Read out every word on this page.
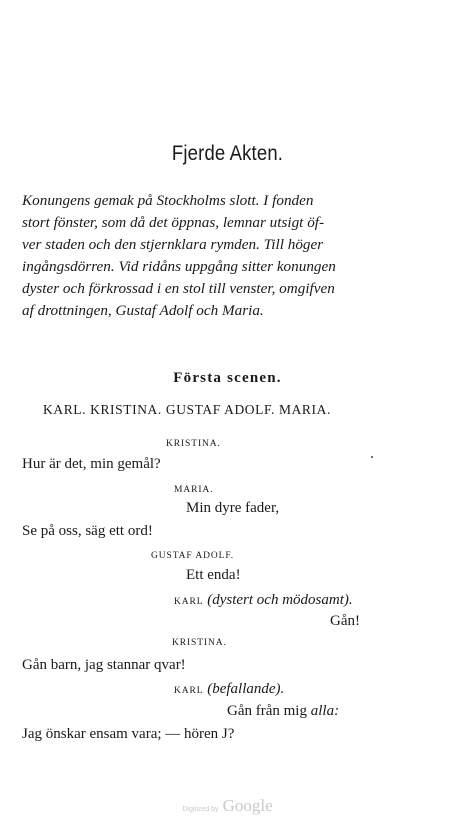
Fjerde Akten.
Konungens gemak på Stockholms slott. I fonden
stort fönster, som då det öppnas, lemnar utsigt öf-
ver staden och den stjernklara rymden. Till höger
ingångsdörren. Vid ridåns uppgång sitter konungen
dyster och förkrossad i en stol till venster, omgifven
af drottningen, Gustaf Adolf och Maria.
Första scenen.
KARL. KRISTINA. GUSTAF ADOLF. MARIA.
KRISTINA.
Hur är det, min gemål?
MARIA.
Min dyre fader,
Se på oss, säg ett ord!
GUSTAF ADOLF.
Ett enda!
KARL (dystert och mödosamt).
Gån!
KRISTINA.
Gån barn, jag stannar qvar!
KARL (befallande).
Gån från mig alla:
Jag önskar ensam vara; — hören J?
Digitized by Google
